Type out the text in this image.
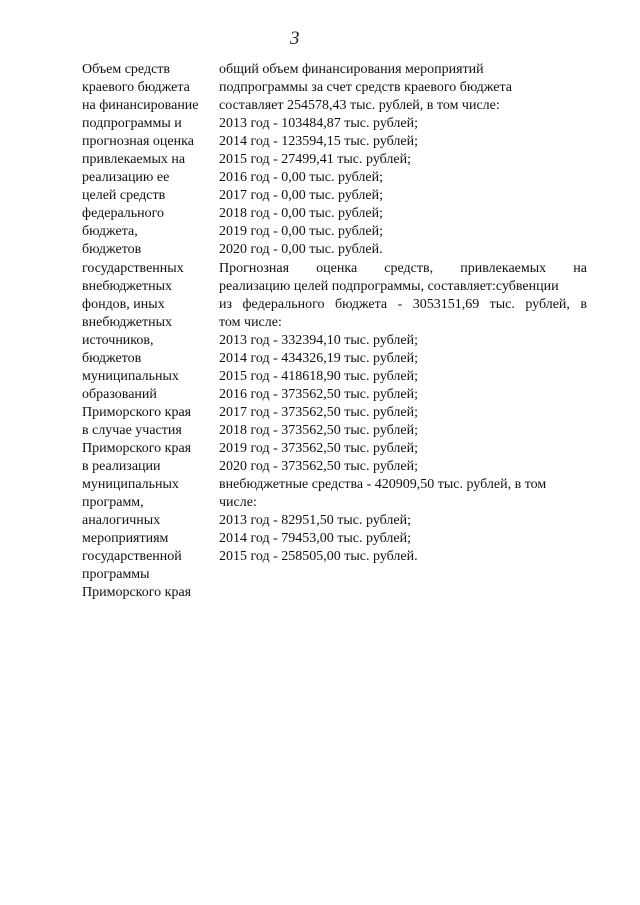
3
Объем средств
краевого бюджета
на финансирование
подпрограммы и
прогнозная оценка
привлекаемых на
реализацию ее
целей средств
федерального
бюджета,
бюджетов
государственных
внебюджетных
фондов, иных
внебюджетных
источников,
бюджетов
муниципальных
образований
Приморского края
в случае участия
Приморского края
в реализации
муниципальных
программ,
аналогичных
мероприятиям
государственной
программы
Приморского края
общий объем финансирования мероприятий
подпрограммы за счет средств краевого бюджета
составляет 254578,43 тыс. рублей, в том числе:
2013 год - 103484,87 тыс. рублей;
2014 год - 123594,15 тыс. рублей;
2015 год - 27499,41 тыс. рублей;
2016 год - 0,00 тыс. рублей;
2017 год - 0,00 тыс. рублей;
2018 год - 0,00 тыс. рублей;
2019 год - 0,00 тыс. рублей;
2020 год - 0,00 тыс. рублей.
Прогнозная оценка средств, привлекаемых на
реализацию целей подпрограммы, составляет:субвенции
из федерального бюджета - 3053151,69 тыс. рублей, в
том числе:
2013 год - 332394,10 тыс. рублей;
2014 год - 434326,19 тыс. рублей;
2015 год - 418618,90 тыс. рублей;
2016 год - 373562,50 тыс. рублей;
2017 год - 373562,50 тыс. рублей;
2018 год - 373562,50 тыс. рублей;
2019 год - 373562,50 тыс. рублей;
2020 год - 373562,50 тыс. рублей;
внебюджетные средства - 420909,50 тыс. рублей, в том
числе:
2013 год - 82951,50 тыс. рублей;
2014 год - 79453,00 тыс. рублей;
2015 год - 258505,00 тыс. рублей.
